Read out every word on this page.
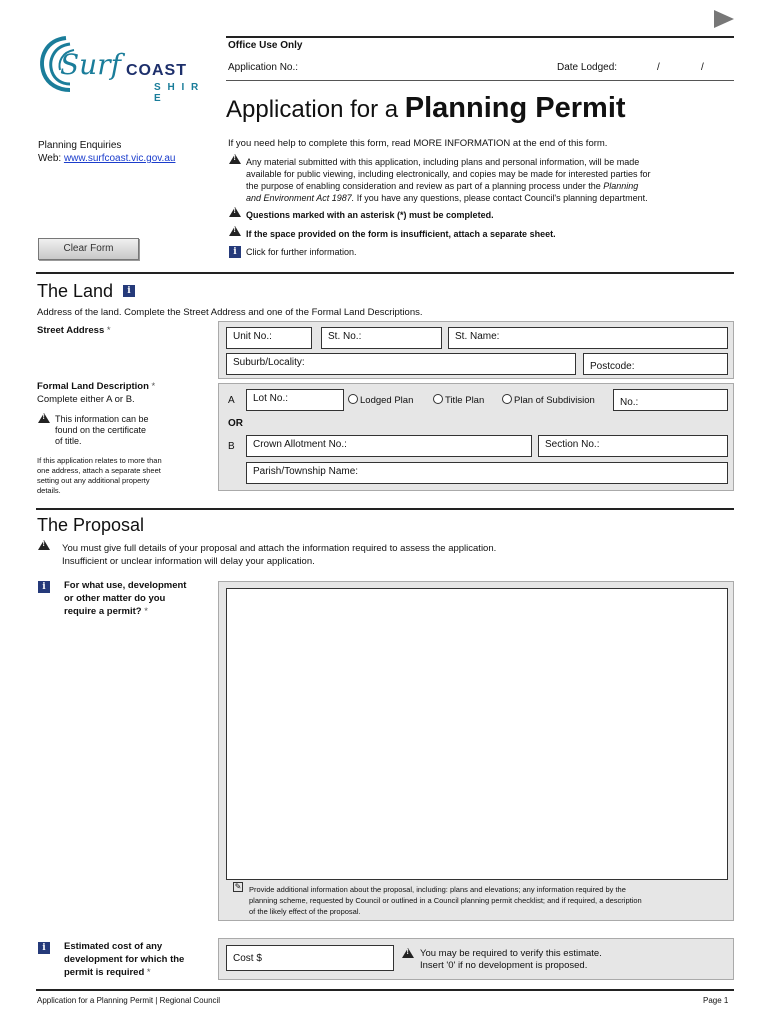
Surf COAST
S H I R E
Office Use Only
Application No.:	Date Lodged:	/	/
Application for a Planning Permit
Planning Enquiries
Web: www.surfcoast.vic.gov.au
If you need help to complete this form, read MORE INFORMATION at the end of this form.
!
Any material submitted with this application, including plans and personal information, will be made
available for public viewing, including electronically, and copies may be made for interested parties for
the purpose of enabling consideration and review as part of a planning process under the Planning
and Environment Act 1987. If you have any questions, please contact Council's planning department.
!
Questions marked with an asterisk (*) must be completed.
!
If the space provided on the form is insufficient, attach a separate sheet.
i	Click for further information.
Clear Form
The Land	i
Address of the land. Complete the Street Address and one of the Formal Land Descriptions.
Street Address *
Unit No.:	St. No.:	St. Name:
Suburb/Locality:	Postcode:
Formal Land Description *
Complete either A or B.
!
This information can be
found on the certificate
of title.
If this application relates to more than
one address, attach a separate sheet
setting out any additional property
details.
A	Lot No.:	Lodged Plan	Title Plan	Plan of Subdivision	No.:
OR
B	Crown Allotment No.:	Section No.:
Parish/Township Name:
The Proposal
!
You must give full details of your proposal and attach the information required to assess the application.
Insufficient or unclear information will delay your application.
i	For what use, development
or other matter do you
require a permit? *
✎ Provide additional information about the proposal, including: plans and elevations; any information required by the
planning scheme, requested by Council or outlined in a Council planning permit checklist; and if required, a description
of the likely effect of the proposal.
i	Estimated cost of any
development for which the
permit is required *
Cost $
!	You may be required to verify this estimate.
Insert '0' if no development is proposed.
Application for a Planning Permit | Regional Council	Page 1
